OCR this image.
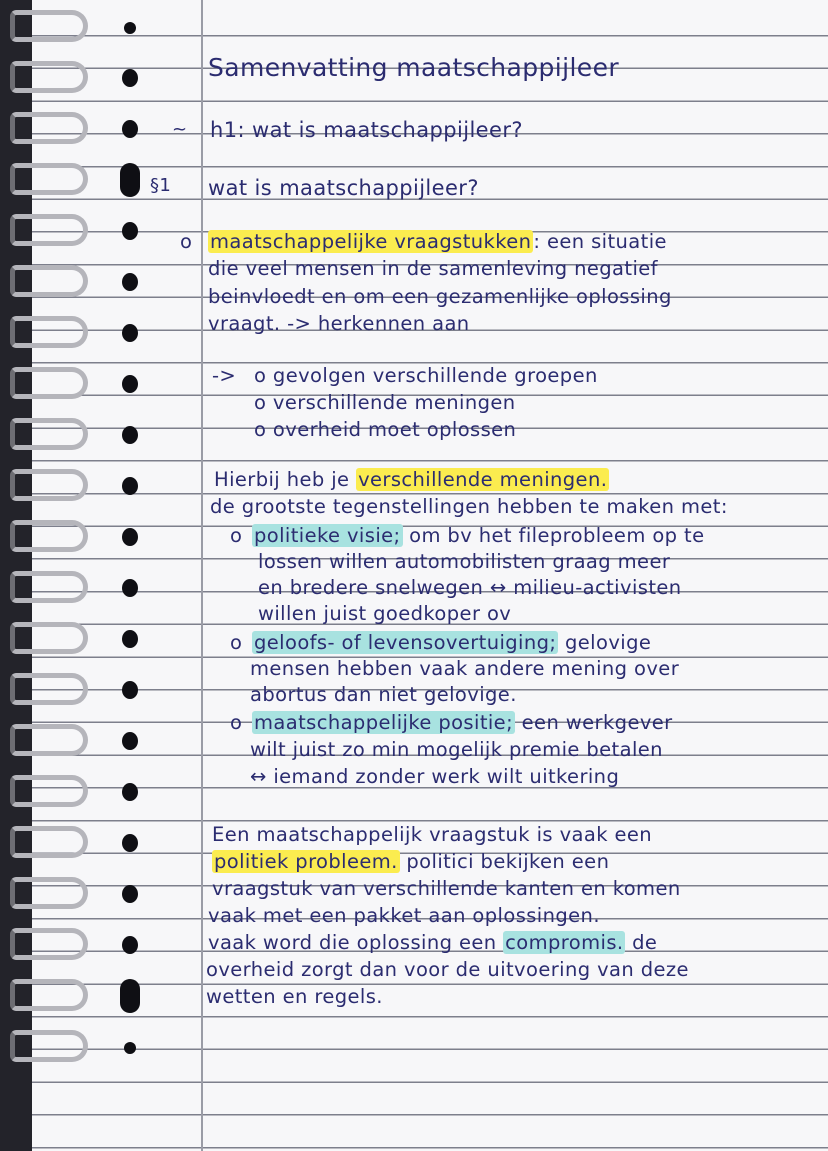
Samenvatting maatschappijleer
~ h1: wat is maatschappijleer?
§1 wat is maatschappijleer?
o maatschappelijke vraagstukken : een situatie
die veel mensen in de samenleving negatief
beinvloedt en om een gezamenlijke oplossing
vraagt. -> herkennen aan
-> o gevolgen verschillende groepen
o verschillende meningen
o overheid moet oplossen
Hierbij heb je verschillende meningen.
de grootste tegenstellingen hebben te maken met:
o politieke visie; om bv het fileprobleem op te
lossen willen automobilisten graag meer
en bredere snelwegen ↔ milieu-activisten
willen juist goedkoper ov
o geloofs- of levensovertuiging; gelovige
mensen hebben vaak andere mening over
abortus dan niet gelovige.
o maatschappelijke positie; een werkgever
wilt juist zo min mogelijk premie betalen
↔ iemand zonder werk wilt uitkering
Een maatschappelijk vraagstuk is vaak een
politiek probleem. politici bekijken een
vraagstuk van verschillende kanten en komen
vaak met een pakket aan oplossingen.
vaak word die oplossing een compromis. de
overheid zorgt dan voor de uitvoering van deze
wetten en regels.
